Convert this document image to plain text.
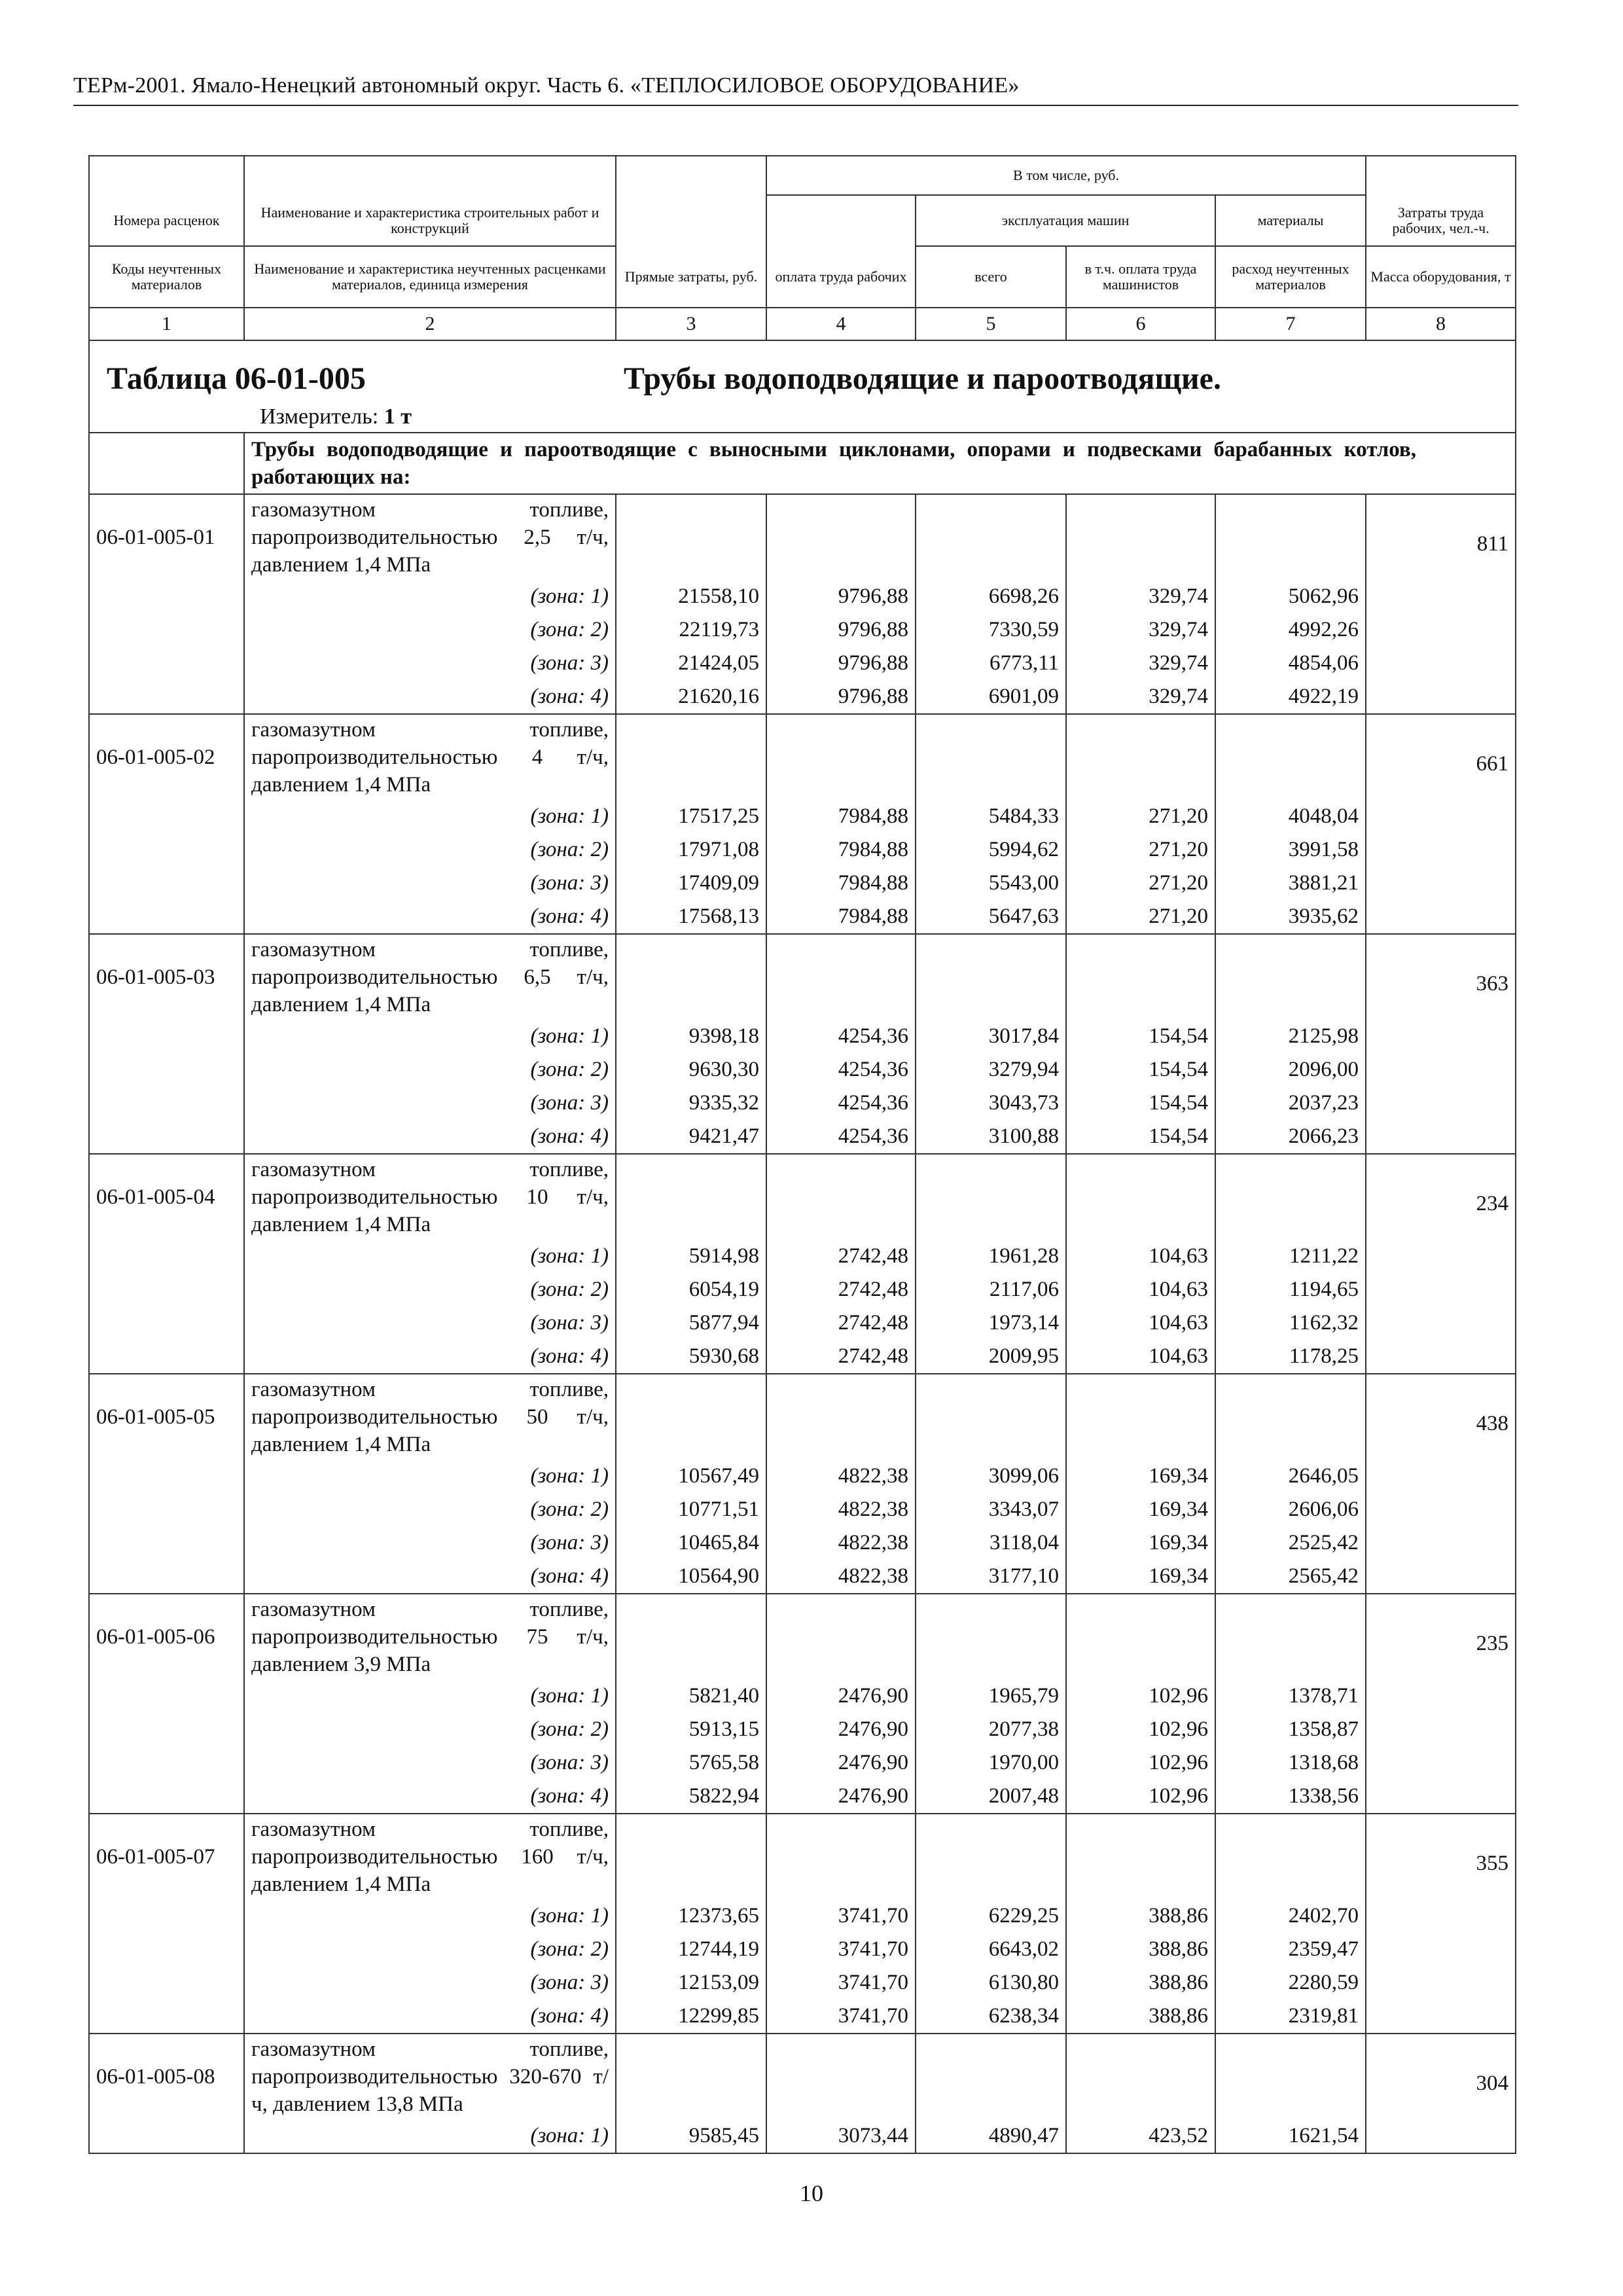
ТЕРм-2001. Ямало-Ненецкий автономный округ. Часть 6. «ТЕПЛОСИЛОВОЕ ОБОРУДОВАНИЕ»
			В том числе, руб.				
Номера расценок	Наименование и характеристика строительных работ и конструкций			эксплуатация машин		материалы	Затраты труда рабочих, чел.-ч.
Коды неучтенных материалов	Наименование и характеристика неучтенных расценками материалов, единица измерения	Прямые затраты, руб.	оплата труда рабочих	всего	в т.ч. оплата труда машинистов	расход неучтенных материалов	Масса оборудования, т
1	2	3	4	5	6	7	8

Таблица 06-01-005 Трубы водоподводящие и пароотводящие.
Измеритель: 1 т							

	Трубы водоподводящие и пароотводящие с выносными циклонами, опорами и подвесками барабанных котлов, работающих на:						

06-01-005-01	газомазутном топливе, паропроизводительностью 2,5 т/ч, давлением 1,4 МПа						811
	(зона: 1)	21558,10	9796,88	6698,26	329,74	5062,96	
	(зона: 2)	22119,73	9796,88	7330,59	329,74	4992,26	
	(зона: 3)	21424,05	9796,88	6773,11	329,74	4854,06	
	(зона: 4)	21620,16	9796,88	6901,09	329,74	4922,19	
06-01-005-02	газомазутном топливе, паропроизводительностью 4 т/ч, давлением 1,4 МПа						661
	(зона: 1)	17517,25	7984,88	5484,33	271,20	4048,04	
	(зона: 2)	17971,08	7984,88	5994,62	271,20	3991,58	
	(зона: 3)	17409,09	7984,88	5543,00	271,20	3881,21	
	(зона: 4)	17568,13	7984,88	5647,63	271,20	3935,62	
06-01-005-03	газомазутном топливе, паропроизводительностью 6,5 т/ч, давлением 1,4 МПа						363
	(зона: 1)	9398,18	4254,36	3017,84	154,54	2125,98	
	(зона: 2)	9630,30	4254,36	3279,94	154,54	2096,00	
	(зона: 3)	9335,32	4254,36	3043,73	154,54	2037,23	
	(зона: 4)	9421,47	4254,36	3100,88	154,54	2066,23	
06-01-005-04	газомазутном топливе, паропроизводительностью 10 т/ч, давлением 1,4 МПа						234
	(зона: 1)	5914,98	2742,48	1961,28	104,63	1211,22	
	(зона: 2)	6054,19	2742,48	2117,06	104,63	1194,65	
	(зона: 3)	5877,94	2742,48	1973,14	104,63	1162,32	
	(зона: 4)	5930,68	2742,48	2009,95	104,63	1178,25	
06-01-005-05	газомазутном топливе, паропроизводительностью 50 т/ч, давлением 1,4 МПа						438
	(зона: 1)	10567,49	4822,38	3099,06	169,34	2646,05	
	(зона: 2)	10771,51	4822,38	3343,07	169,34	2606,06	
	(зона: 3)	10465,84	4822,38	3118,04	169,34	2525,42	
	(зона: 4)	10564,90	4822,38	3177,10	169,34	2565,42	
06-01-005-06	газомазутном топливе, паропроизводительностью 75 т/ч, давлением 3,9 МПа						235
	(зона: 1)	5821,40	2476,90	1965,79	102,96	1378,71	
	(зона: 2)	5913,15	2476,90	2077,38	102,96	1358,87	
	(зона: 3)	5765,58	2476,90	1970,00	102,96	1318,68	
	(зона: 4)	5822,94	2476,90	2007,48	102,96	1338,56	
06-01-005-07	газомазутном топливе, паропроизводительностью 160 т/ч, давлением 1,4 МПа						355
	(зона: 1)	12373,65	3741,70	6229,25	388,86	2402,70	
	(зона: 2)	12744,19	3741,70	6643,02	388,86	2359,47	
	(зона: 3)	12153,09	3741,70	6130,80	388,86	2280,59	
	(зона: 4)	12299,85	3741,70	6238,34	388,86	2319,81	
06-01-005-08	газомазутном топливе, паропроизводительностью 320-670 т/ч, давлением 13,8 МПа						304
	(зона: 1)	9585,45	3073,44	4890,47	423,52	1621,54	
10
